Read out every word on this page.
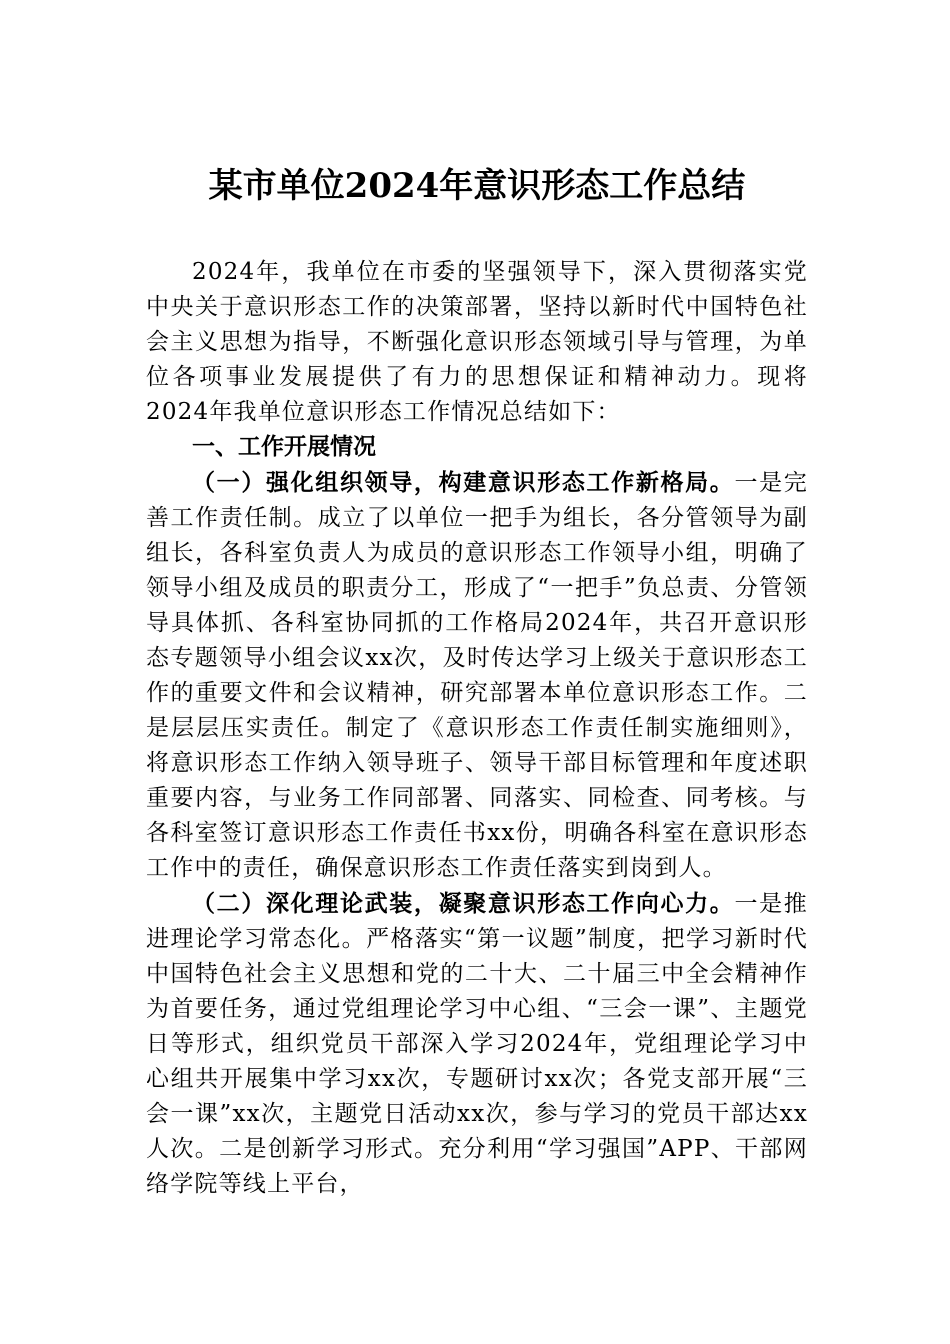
某市单位2024年意识形态工作总结

2024年，我单位在市委的坚强领导下，深入贯彻落实党中央关于意识形态工作的决策部署，坚持以新时代中国特色社会主义思想为指导，不断强化意识形态领域引导与管理，为单位各项事业发展提供了有力的思想保证和精神动力。现将2024年我单位意识形态工作情况总结如下：

一、工作开展情况

（一）强化组织领导，构建意识形态工作新格局。一是完善工作责任制。成立了以单位一把手为组长，各分管领导为副组长，各科室负责人为成员的意识形态工作领导小组，明确了领导小组及成员的职责分工，形成了“一把手”负总责、分管领导具体抓、各科室协同抓的工作格局2024年，共召开意识形态专题领导小组会议xx次，及时传达学习上级关于意识形态工作的重要文件和会议精神，研究部署本单位意识形态工作。二是层层压实责任。制定了《意识形态工作责任制实施细则》，将意识形态工作纳入领导班子、领导干部目标管理和年度述职重要内容，与业务工作同部署、同落实、同检查、同考核。与各科室签订意识形态工作责任书xx份，明确各科室在意识形态工作中的责任，确保意识形态工作责任落实到岗到人。

（二）深化理论武装，凝聚意识形态工作向心力。一是推进理论学习常态化。严格落实“第一议题”制度，把学习新时代中国特色社会主义思想和党的二十大、二十届三中全会精神作为首要任务，通过党组理论学习中心组、“三会一课”、主题党日等形式，组织党员干部深入学习2024年，党组理论学习中心组共开展集中学习xx次，专题研讨xx次；各党支部开展“三会一课”xx次，主题党日活动xx次，参与学习的党员干部达xx人次。二是创新学习形式。充分利用“学习强国”APP、干部网络学院等线上平台，
